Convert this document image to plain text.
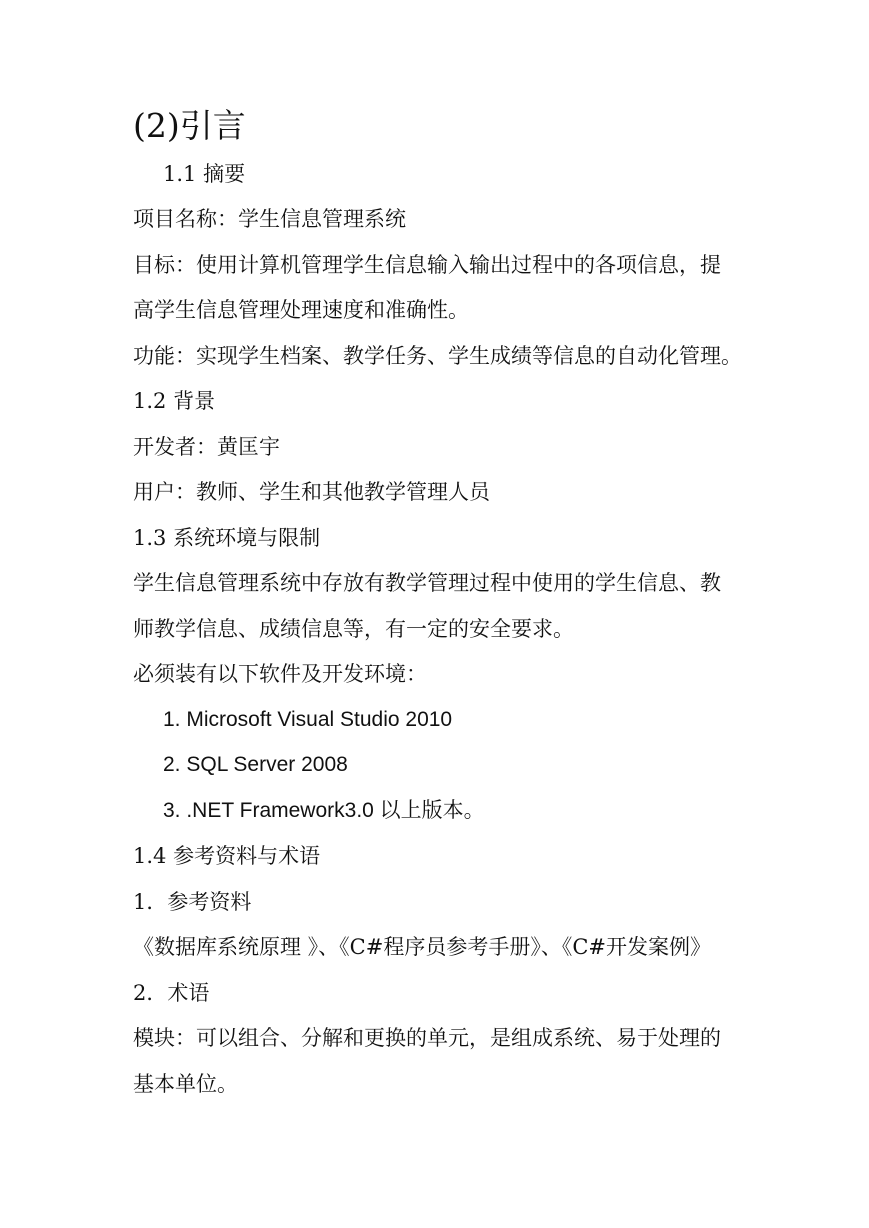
(2)引言
1.1 摘要
项目名称：学生信息管理系统
目标：使用计算机管理学生信息输入输出过程中的各项信息，提
高学生信息管理处理速度和准确性。
功能：实现学生档案、教学任务、学生成绩等信息的自动化管理。
1.2 背景
开发者：黄匡宇
用户：教师、学生和其他教学管理人员
1.3 系统环境与限制
学生信息管理系统中存放有教学管理过程中使用的学生信息、教
师教学信息、成绩信息等，有一定的安全要求。
必须装有以下软件及开发环境：
1. Microsoft Visual Studio 2010
2. SQL Server 2008
3. .NET Framework3.0 以上版本。
1.4 参考资料与术语
1．参考资料
《数据库系统原理 》、《C#程序员参考手册》、《C#开发案例》
2．术语
模块：可以组合、分解和更换的单元，是组成系统、易于处理的
基本单位。
